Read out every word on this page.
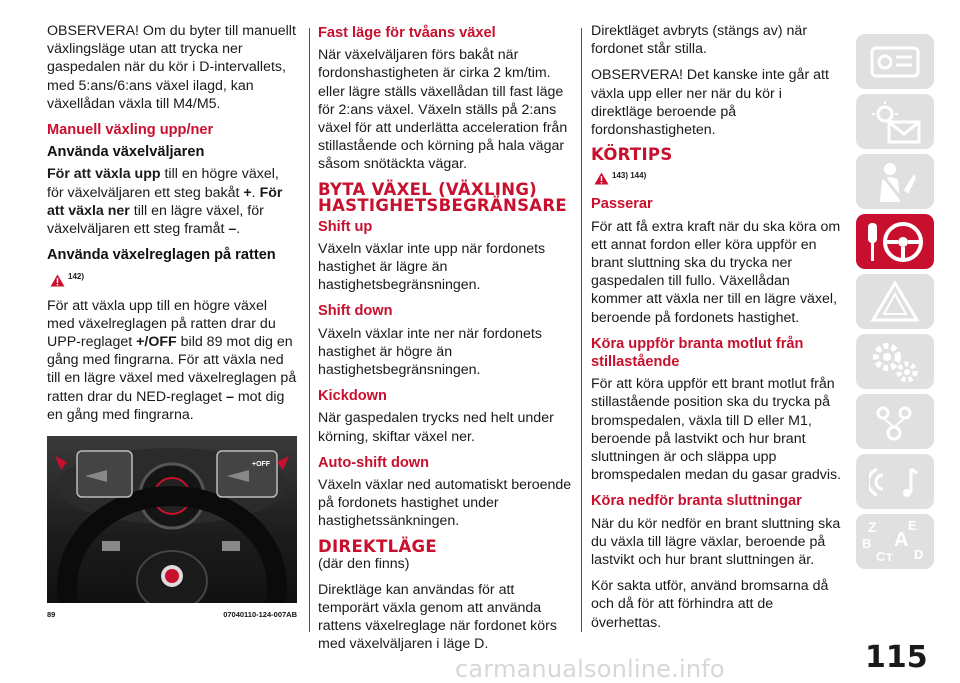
OBSERVERA! Om du byter till manuellt växlingsläge utan att trycka ner gaspedalen när du kör i D-intervallets, med 5:ans/6:ans växel ilagd, kan växellådan växla till M4/M5.

Manuell växling upp/ner
Använda växelväljaren

För att växla upp till en högre växel, för växelväljaren ett steg bakåt +. För att växla ner till en lägre växel, för växelväljaren ett steg framåt –.

Använda växelreglagen på ratten
142)

För att växla upp till en högre växel med växelreglagen på ratten drar du UPP-reglaget +/OFF bild 89 mot dig en gång med fingrarna. För att växla ned till en lägre växel med växelreglagen på ratten drar du NED-reglaget – mot dig en gång med fingrarna.

+OFF
89	07040110-124-007AB
Fast läge för tvåans växel

När växelväljaren förs bakåt när fordonshastigheten är cirka 2 km/tim. eller lägre ställs växellådan till fast läge för 2:ans växel. Växeln ställs på 2:ans växel för att underlätta acceleration från stillastående och körning på hala vägar såsom snötäckta vägar.

BYTA VÄXEL (VÄXLING) HASTIGHETSBEGRÄNSARE
Shift up

Växeln växlar inte upp när fordonets hastighet är lägre än hastighetsbegränsningen.

Shift down

Växeln växlar inte ner när fordonets hastighet är högre än hastighetsbegränsningen.

Kickdown

När gaspedalen trycks ned helt under körning, skiftar växel ner.

Auto-shift down

Växeln växlar ned automatiskt beroende på fordonets hastighet under hastighetssänkningen.

DIREKTLÄGE

(där den finns)

Direktläge kan användas för att temporärt växla genom att använda rattens växelreglage när fordonet körs med växelväljaren i läge D.

Direktläget avbryts (stängs av) när fordonet står stilla.

OBSERVERA! Det kanske inte går att växla upp eller ner när du kör i direktläge beroende på fordonshastigheten.

KÖRTIPS
143) 144)
Passerar

För att få extra kraft när du ska köra om ett annat fordon eller köra uppför en brant sluttning ska du trycka ner gaspedalen till fullo. Växellådan kommer att växla ner till en lägre växel, beroende på fordonets hastighet.

Köra uppför branta motlut från stillastående

För att köra uppför ett brant motlut från stillastående position ska du trycka på bromspedalen, växla till D eller M1, beroende på lastvikt och hur brant sluttningen är och släppa upp bromspedalen medan du gasar gradvis.

Köra nedför branta sluttningar

När du kör nedför en brant sluttning ska du växla till lägre växlar, beroende på lastvikt och hur brant sluttningen är.

Kör sakta utför, använd bromsarna då och då för att förhindra att de överhettas.

Z E
B A
C T D
carmanualsonline.info	115
